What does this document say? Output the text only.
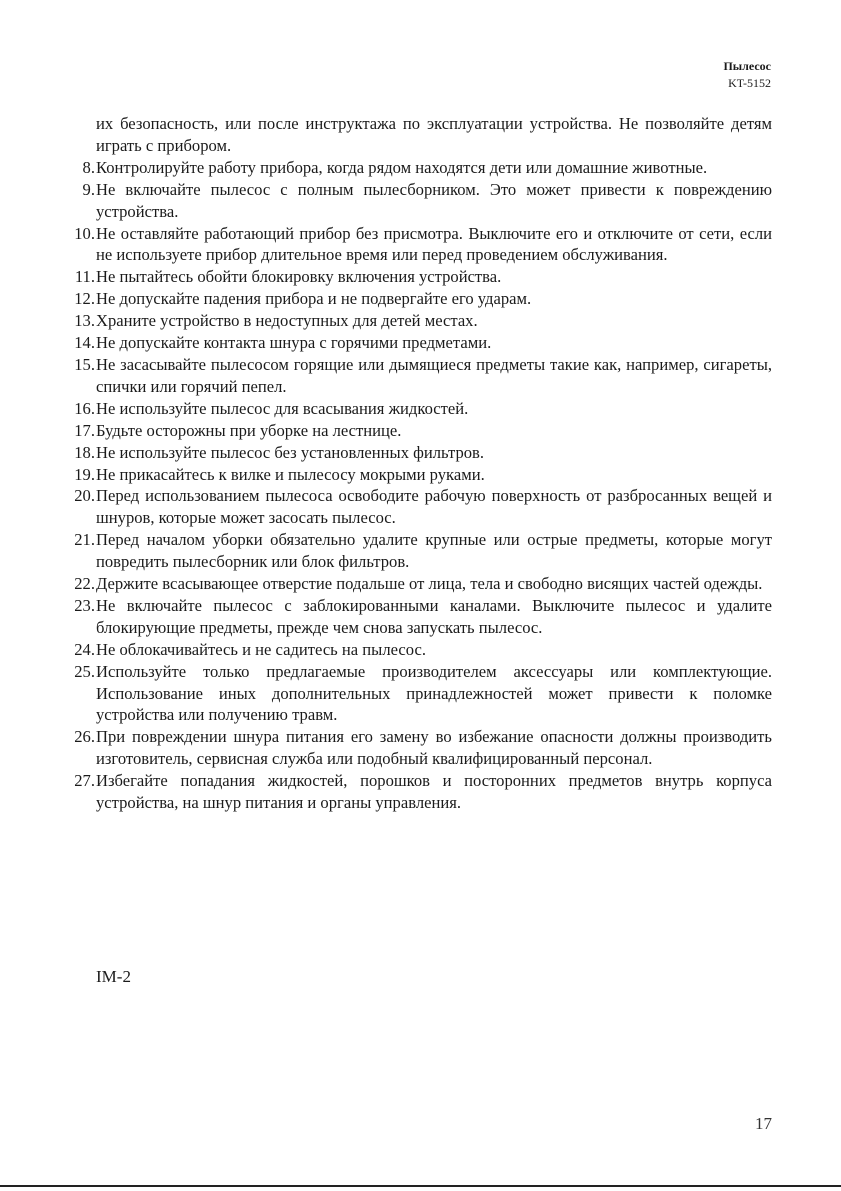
Пылесос
KT-5152

их безопасность, или после инструктажа по эксплуатации устройства. Не позволяйте детям играть с прибором.

8. Контролируйте работу прибора, когда рядом находятся дети или домашние животные.
9. Не включайте пылесос с полным пылесборником. Это может привести к повреждению устройства.
10. Не оставляйте работающий прибор без присмотра. Выключите его и отключите от сети, если не используете прибор длительное время или перед проведением обслуживания.
11. Не пытайтесь обойти блокировку включения устройства.
12. Не допускайте падения прибора и не подвергайте его ударам.
13. Храните устройство в недоступных для детей местах.
14. Не допускайте контакта шнура с горячими предметами.
15. Не засасывайте пылесосом горящие или дымящиеся предметы такие как, например, сигареты, спички или горячий пепел.
16. Не используйте пылесос для всасывания жидкостей.
17. Будьте осторожны при уборке на лестнице.
18. Не используйте пылесос без установленных фильтров.
19. Не прикасайтесь к вилке и пылесосу мокрыми руками.
20. Перед использованием пылесоса освободите рабочую поверхность от разбросанных вещей и шнуров, которые может засосать пылесос.
21. Перед началом уборки обязательно удалите крупные или острые предметы, которые могут повредить пылесборник или блок фильтров.
22. Держите всасывающее отверстие подальше от лица, тела и свободно висящих частей одежды.
23. Не включайте пылесос с заблокированными каналами. Выключите пылесос и удалите блокирующие предметы, прежде чем снова запускать пылесос.
24. Не облокачивайтесь и не садитесь на пылесос.
25. Используйте только предлагаемые производителем аксессуары или комплектующие. Использование иных дополнительных принадлежностей может привести к поломке устройства или получению травм.
26. При повреждении шнура питания его замену во избежание опасности должны производить изготовитель, сервисная служба или подобный квалифицированный персонал.
27. Избегайте попадания жидкостей, порошков и посторонних предметов внутрь корпуса устройства, на шнур питания и органы управления.
IM-2
17
